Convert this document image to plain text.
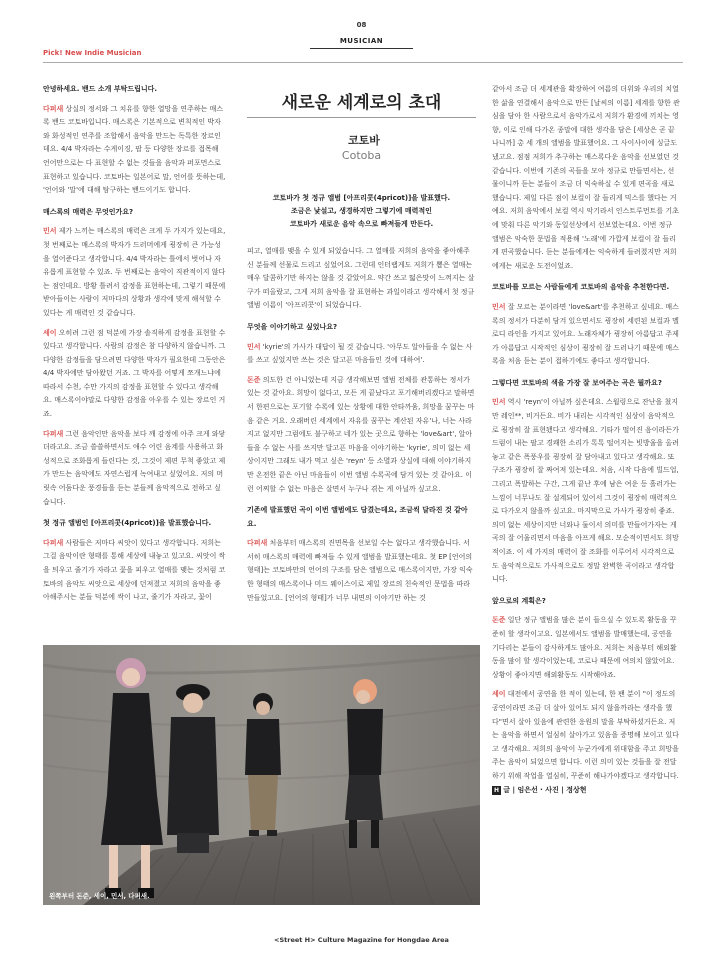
08
MUSICIAN
Pick! New Indie Musician

안녕하세요. 밴드 소개 부탁드립니다.

다퍼새 상실의 정서와 그 치유를 향한 열망을 연주하는 매스록 밴드 코토바입니다. 매스록은 기본적으로 변칙적인 박자와 화성적인 연주를 조합해서 음악을 만드는 독특한 장르인데요. 4/4 박자라는 수게이징, 팝 등 다양한 장르를 접목해 언어만으로는 다 표현할 수 없는 것들을 음악과 퍼포먼스로 표현하고 있습니다. 코토바는 일본어로 말, 언어를 뜻하는데, '언어와 '말'에 대해 탐구하는 밴드이기도 합니다.

매스록의 매력은 무엇인가요?

민서 제가 느끼는 매스록의 매력은 크게 두 가지가 있는데요, 첫 번째로는 매스록의 박자가 드러머에게 굉장히 큰 가능성을 열어준다고 생각합니다. 4/4 박자라는 틀에서 벗어나 자유롭게 표현할 수 있죠. 두 번째로는 음악이 직관적이지 않다는 점인데요. 방황 틀려서 감정을 표현하는데, 그렇기 때문에 받아들이는 사람이 저마다의 상황과 생각에 맞게 해석할 수 있다는 게 매력인 것 같습니다.

세이 오히려 그런 점 덕분에 가장 솔직하게 감정을 표현할 수 있다고 생각합니다. 사람의 감정은 참 다양하지 않습니까. 그 다양한 감정들을 담으려면 다양한 박자가 필요한데 그동안은 4/4 박자에만 담아왔던 거죠. 그 박자를 어떻게 쪼개느냐에 따라서 수천, 수만 가지의 감정을 표현할 수 있다고 생각해요. 매스록이야말로 다양한 감정을 아우를 수 있는 장르인 거죠.

다퍼새 그런 음악인만 음악을 보다 깨 감정에 아주 크게 와닿더라고요. 조금 쓸쓸하면서도 애수 어린 음계를 사용하고 화성적으로 조화롭게 들린다는 것, 그것이 제편 무척 좋았고 제가 만드는 음악에도 자연스럽게 녹여내고 싶었어요. 저의 머릿속 어둠다운 풍경들을 듣는 분들께 음악적으로 전하고 싶습니다.

첫 정규 앨범인 [아프리콧(4pricot)]을 발표했습니다.

다퍼새 사람들은 저마다 씨앗이 있다고 생각합니다. 저희는 그걸 음악이란 형태를 통해 세상에 내놓고 있고요. 씨앗이 싹을 틔우고 줄기가 자라고 꽃을 피우고 열매를 맺는 것처럼 코토바의 음악도 씨앗으로 세상에 던져졌고 저희의 음악을 좋아해주시는 분들 덕분에 싹이 나고, 줄기가 자라고, 꽃이

새로운 세계로의 초대
코토바
Cotoba
코토바가 첫 정규 앨범 [아프리콧(4pricot)]을 발표했다.
조금은 낯설고, 생경하지만 그렇기에 매력적인
코토바가 새로운 음악 속으로 빠져들게 만든다.

피고, 열매를 맺을 수 있게 되었습니다. 그 열매를 저희의 음악을 좋아해주신 분들께 선물로 드리고 싶었어요. 그런데 인터랩게도 저희가 뽑은 열매는 매우 달콤하기만 하지는 않을 것 같았어요. 약간 쓰고 떫은맛이 느껴지는 살구가 떠올랐고, 그게 저희 음악을 잘 표현하는 과일이라고 생각해서 첫 정규 앨범 이름이 '아프리콧'이 되었습니다.

무엇을 이야기하고 싶었나요?

민서 'kyrie'의 가사가 대답이 될 것 같습니다. '아무도 알아들을 수 없는 사를 쓰고 싶었지만 쓰는 것은 달고픈 마음들인 것에 대하여'.

돈준 의도한 건 아니었는데 지금 생각해보면 앨범 전체를 관통하는 정서가 있는 것 같아요. 희망이 없다고, 모든 게 끝났다고 포기해버리겠다고 말하면서 한편으로는 포기할 수록에 있는 상황에 대한 안타까움, 희망을 꿈꾸는 마음 같은 거요. 오래버린 세계에서 자유를 꿈꾸는 계산된 자유'나, 너는 사라지고 없지만 그럼에도 불구하고 네가 있는 곳으로 향하는 'love&art', 알아들을 수 없는 사를 쓰지만 달고픈 마음을 이야기하는 'kyrie', 의미 없는 세상이지만 그래도 내가 먹고 싶은 'reyn' 등 소멸과 상실에 대해 이야기하지만 온전한 끝은 아닌 마음들이 이번 앨범 수록곡에 담겨 있는 것 같아요. 이런 어찌할 수 없는 마음은 살면서 누구나 겪는 게 아닐까 싶고요.

기존에 발표했던 곡이 이번 앨범에도 담겼는데요, 조금씩 달라진 것 같아요.

다퍼새 처음부터 매스록의 진면목을 선보일 수는 없다고 생각했습니다. 서서히 매스록의 매력에 빠져들 수 있게 앨범을 발표했는데요. 첫 EP [언어의 형태]는 코토바만의 언어의 구조를 담은 앨범으로 매스록이지만, 가장 익숙한 형태의 매스록이나 미드 웨이스이로 제일 장르의 친숙적인 문법을 따라 만들었고요. [언어의 형태]가 너무 내면의 이야기만 하는 것

같아서 조금 더 세계관을 확장하여 여름의 더위와 우리의 치열한 삶을 연결해서 음악으로 만든 [날씨의 이름] 세계를 향한 관심을 담아 한 사람으로서 음악가로서 저희가 환경에 끼치는 영향, 이로 인해 다가온 종말에 대한 생각을 담은 [세상은 곧 끝나니까] 총 세 개의 앨범을 발표했어요. 그 사이사이에 싱글도 냈고요. 점점 저희가 추구하는 매스록다운 음악을 선보였던 것 같습니다. 이번에 기존의 곡들을 모아 정규로 만들면서는, 선물이니까 듣는 분들이 조금 더 익숙하실 수 있게 편곡을 새로 했습니다. 제일 다른 점이 보컬이 잘 들리게 믹스를 했다는 거예요. 저희 음악에서 보컬 역시 악기라서 인스트루먼트를 기초에 맞춰 다른 악기와 동일선상에서 선보였는데요. 이번 정규 앨범은 악숙한 문법을 적용해 '노래'에 가깝게 보컬이 잘 들리게 편곡했습니다. 듣는 분들에게는 익숙하게 들려졌지만 저희에게는 새로운 도전이었죠.

코토바를 모르는 사람들에게 코토바의 음악을 추천한다면.

민서 잘 모르는 분이라면 'love&art'를 추천하고 싶네요. 매스록의 정서가 다분히 담겨 있으면서도 굉장히 세련된 보컬과 멜로디 라인을 가지고 있어요. 노래자체가 굉장히 아름답고 주제가 아름답고 시작적인 심상이 굉장히 잘 드러나기 때문에 매스록을 처음 듣는 분이 접하기에도 좋다고 생각합니다.

그렇다면 코토바의 색을 가장 잘 보여주는 곡은 뭘까요?

민서 역시 'reyn'이 아닐까 싶은데요. 스웜링으로 잔난을 쳤지만 레인**, 비거든요. 비가 내리는 시각적인 심상이 음악적으로 굉장히 잘 표현됐다고 생각해요. 기타가 떨어진 음이라든가 드럼이 내는 팔고 경쾌한 소리가 톡톡 떨어지는 빗방울을 올려놓고 같은 폭풍우를 굉장히 잘 담아내고 있다고 생각해요. 또 구조가 굉장히 잘 짜여져 있는데요. 처음, 시작 다음에 빌드업, 그리고 폭발하는 구간, 그게 끝난 후에 남은 여운 등 흘러가는 느낌이 너무나도 잘 설계되어 있어서 그것이 굉장히 매력적으로 다가오지 않을까 싶고요. 마지막으로 가사가 굉장히 좋죠. 의미 없는 세상이지만 너와나 둘이서 의미를 만들어가자는 게 곡의 잘 어울리면서 마음을 아프게 해요. 모순적이면서도 희망적이죠. 이 세 가지의 매력이 잘 조화를 이루어서 시각적으로도 음악적으로도 가사적으로도 정말 완벽한 곡이라고 생각합니다.

앞으로의 계획은?

돈준 일단 정규 앨범을 많은 분이 들으실 수 있도록 활동을 꾸준히 할 생각이고요. 일본에서도 앨범을 발매했는데, 공연을 기다리는 분들이 감사하게도 많아요. 저희는 처음부터 해외활동을 많이 할 생각이었는데, 코로나 때문에 여의치 않았어요. 상황이 좋아지면 해외활동도 시작해야죠.

세이 대전에서 공연을 한 적이 있는데, 한 팬 분이 "이 정도의 공연이라면 조금 더 살아 있어도 되지 않을까라는 생각을 했다"면서 살아 있음에 관련한 응원의 말을 부탁하셨거든요. 저는 음악을 하면서 얼심히 살아가고 있음을 증명해 보이고 있다고 생각해요. 저희의 음악이 누군가에게 위대함을 주고 희망을 주는 음악이 되었으면 합니다. 이런 의미 있는 것들을 잘 전달하기 위해 작업을 열심히, 꾸준히 해나가야겠다고 생각합니다. H 글 | 임은선 · 사진 | 정상현

왼쪽부터 돈준, 세이, 민서, 다퍼새.
<Street H> Culture Magazine for Hongdae Area
